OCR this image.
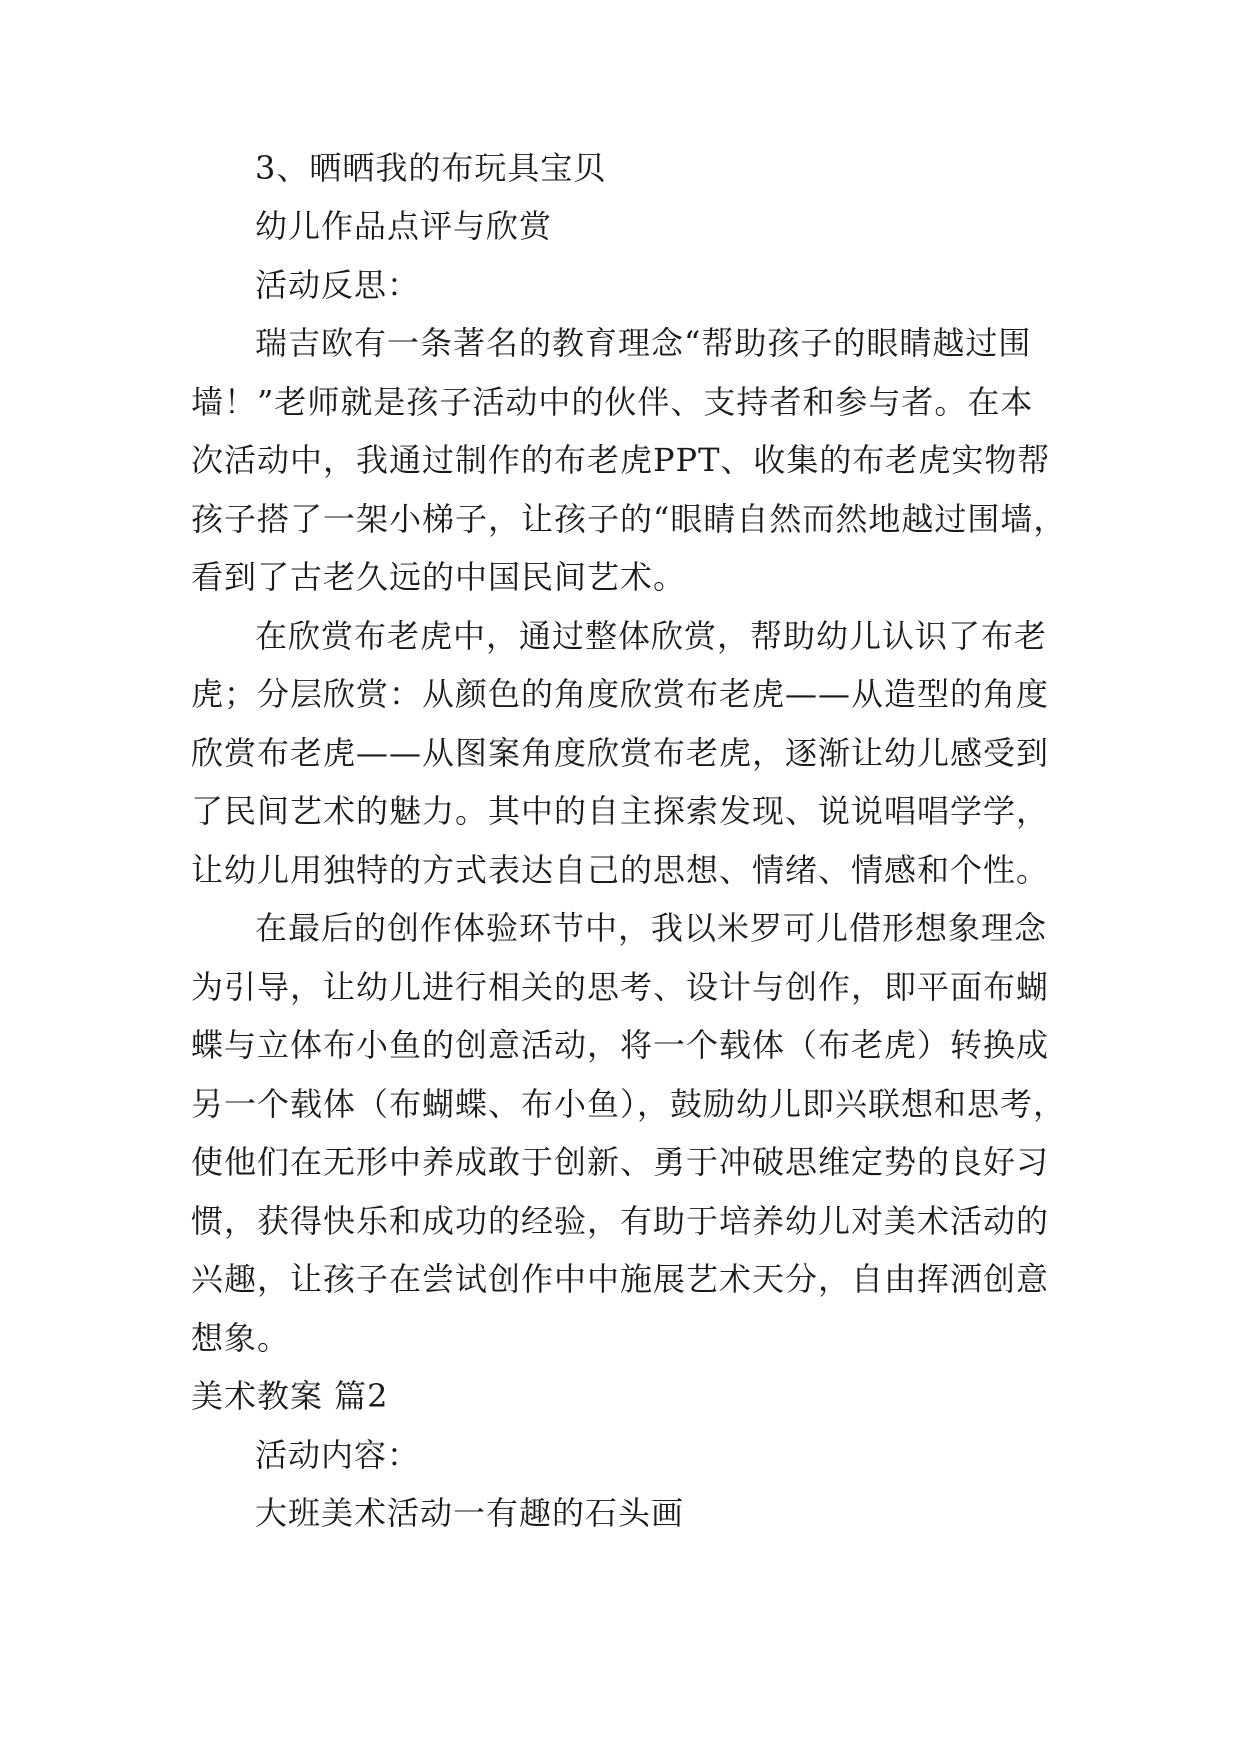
3、晒晒我的布玩具宝贝
幼儿作品点评与欣赏
活动反思：
瑞吉欧有一条著名的教育理念“帮助孩子的眼睛越过围
墙！”老师就是孩子活动中的伙伴、支持者和参与者。在本
次活动中，我通过制作的布老虎PPT、收集的布老虎实物帮
孩子搭了一架小梯子，让孩子的“眼睛自然而然地越过围墙，
看到了古老久远的中国民间艺术。
在欣赏布老虎中，通过整体欣赏，帮助幼儿认识了布老
虎；分层欣赏：从颜色的角度欣赏布老虎——从造型的角度
欣赏布老虎——从图案角度欣赏布老虎，逐渐让幼儿感受到
了民间艺术的魅力。其中的自主探索发现、说说唱唱学学，
让幼儿用独特的方式表达自己的思想、情绪、情感和个性。
在最后的创作体验环节中，我以米罗可儿借形想象理念
为引导，让幼儿进行相关的思考、设计与创作，即平面布蝴
蝶与立体布小鱼的创意活动，将一个载体（布老虎）转换成
另一个载体（布蝴蝶、布小鱼），鼓励幼儿即兴联想和思考，
使他们在无形中养成敢于创新、勇于冲破思维定势的良好习
惯，获得快乐和成功的经验，有助于培养幼儿对美术活动的
兴趣，让孩子在尝试创作中中施展艺术天分，自由挥洒创意
想象。
美术教案 篇2
活动内容：
大班美术活动一有趣的石头画
